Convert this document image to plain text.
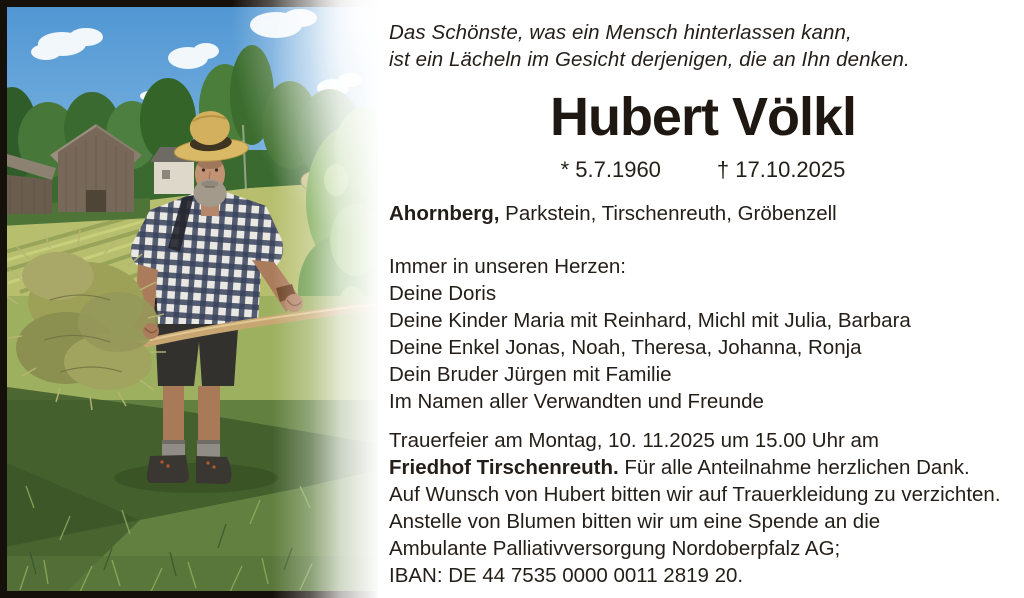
Das Schönste, was ein Mensch hinterlassen kann,
ist ein Lächeln im Gesicht derjenigen, die an Ihn denken.
Hubert Völkl
* 5.7.1960	† 17.10.2025
Ahornberg, Parkstein, Tirschenreuth, Gröbenzell
Immer in unseren Herzen:
Deine Doris
Deine Kinder Maria mit Reinhard, Michl mit Julia, Barbara
Deine Enkel Jonas, Noah, Theresa, Johanna, Ronja
Dein Bruder Jürgen mit Familie
Im Namen aller Verwandten und Freunde
Trauerfeier am Montag, 10. 11.2025 um 15.00 Uhr am
Friedhof Tirschenreuth. Für alle Anteilnahme herzlichen Dank.
Auf Wunsch von Hubert bitten wir auf Trauerkleidung zu verzichten.
Anstelle von Blumen bitten wir um eine Spende an die
Ambulante Palliativversorgung Nordoberpfalz AG;
IBAN: DE 44 7535 0000 0011 2819 20.
